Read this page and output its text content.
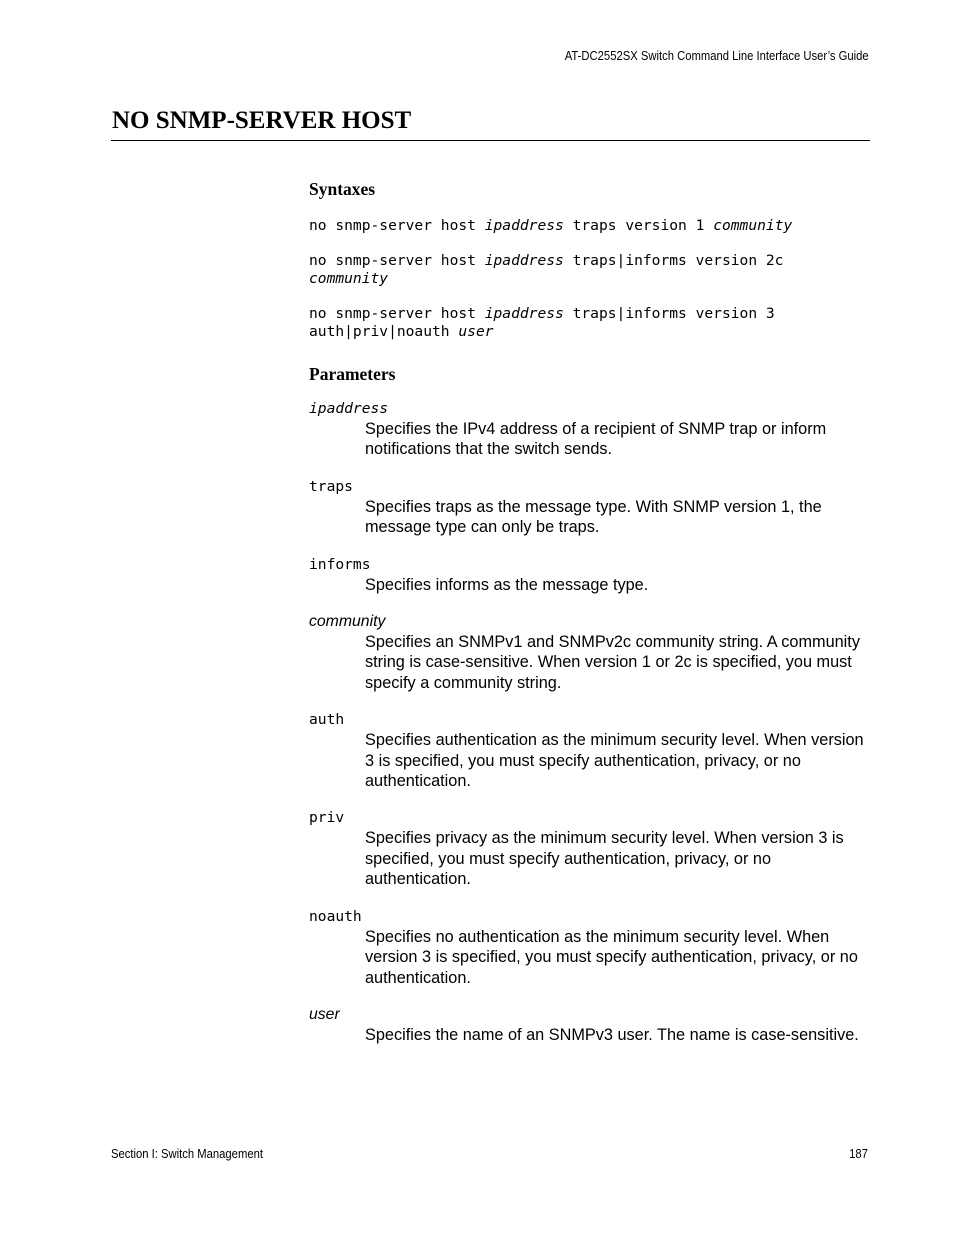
AT-DC2552SX Switch Command Line Interface User’s Guide
NO SNMP-SERVER HOST
Syntaxes

no snmp-server host ipaddress traps version 1 community

no snmp-server host ipaddress traps|informs version 2c
community

no snmp-server host ipaddress traps|informs version 3
auth|priv|noauth user

Parameters

ipaddress

Specifies the IPv4 address of a recipient of SNMP trap or inform notifications that the switch sends.

traps

Specifies traps as the message type. With SNMP version 1, the message type can only be traps.

informs

Specifies informs as the message type.

community

Specifies an SNMPv1 and SNMPv2c community string. A community string is case-sensitive. When version 1 or 2c is specified, you must specify a community string.

auth

Specifies authentication as the minimum security level. When version 3 is specified, you must specify authentication, privacy, or no authentication.

priv

Specifies privacy as the minimum security level. When version 3 is specified, you must specify authentication, privacy, or no authentication.

noauth

Specifies no authentication as the minimum security level. When version 3 is specified, you must specify authentication, privacy, or no authentication.

user

Specifies the name of an SNMPv3 user. The name is case-sensitive.

Section I: Switch Management	187
